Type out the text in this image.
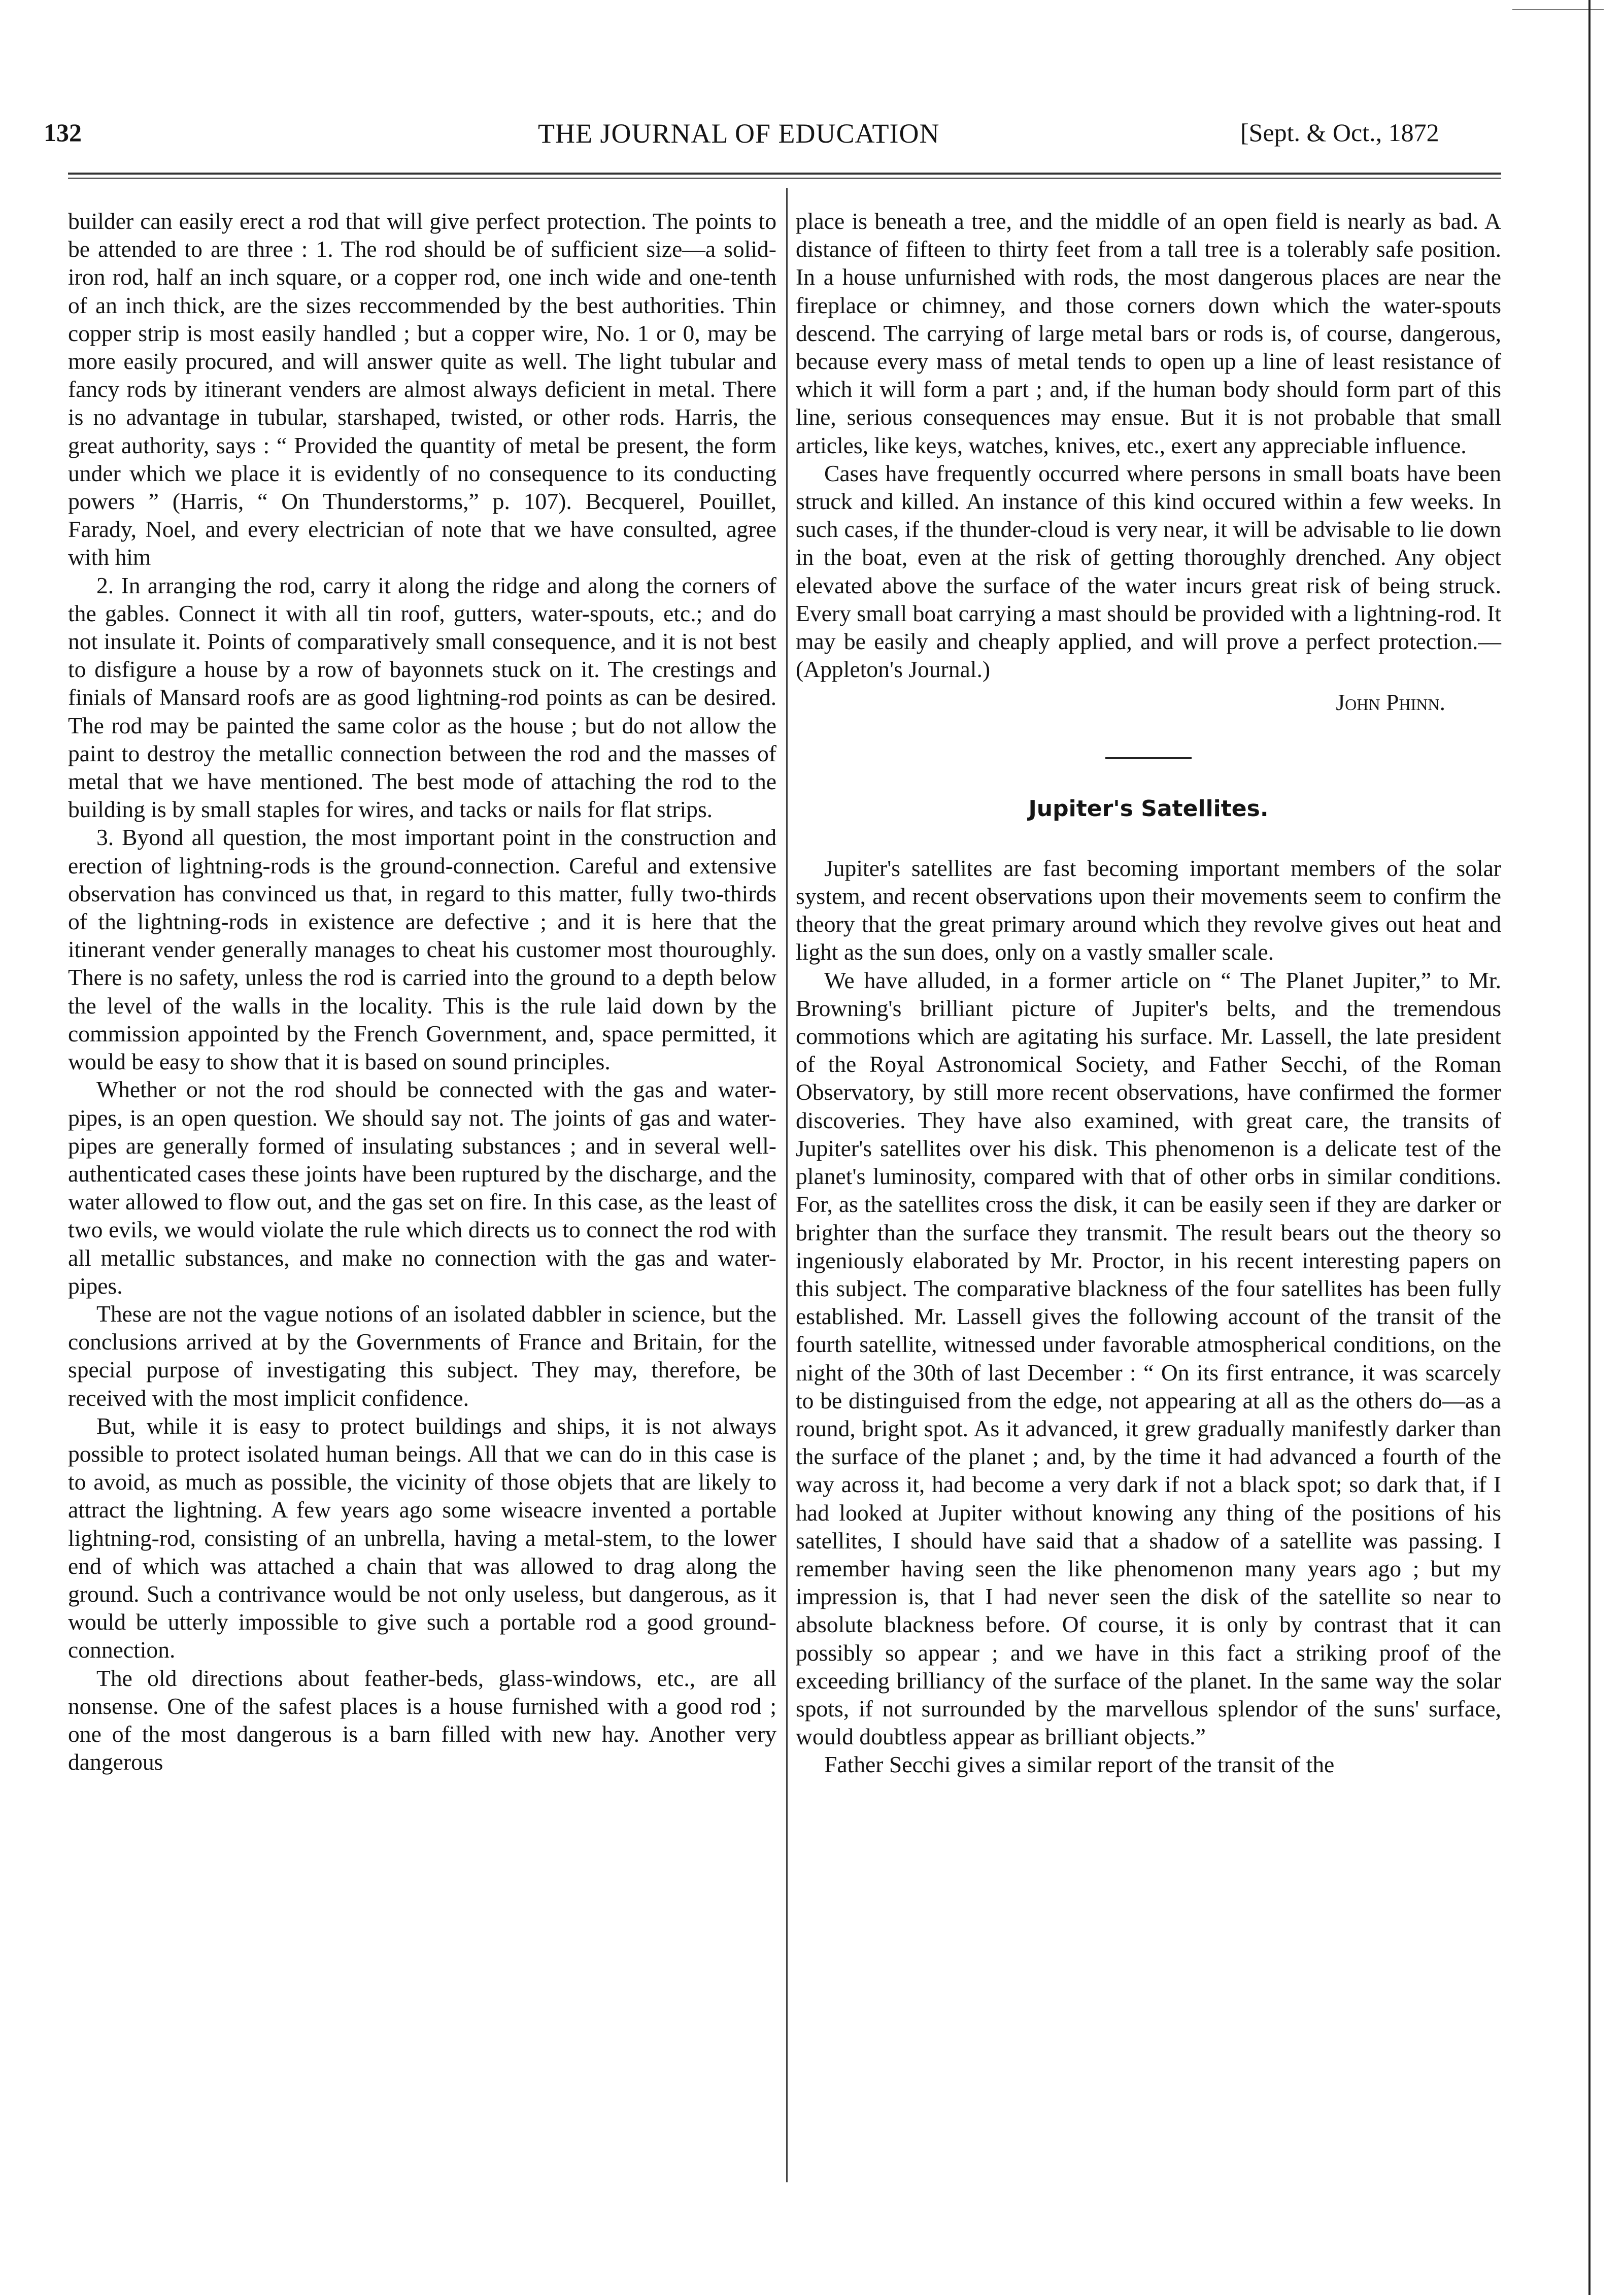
132	THE JOURNAL OF EDUCATION	[Sept. & Oct., 1872

builder can easily erect a rod that will give perfect protection. The points to be attended to are three : 1. The rod should be of sufficient size—a solid-iron rod, half an inch square, or a copper rod, one inch wide and one-tenth of an inch thick, are the sizes reccommended by the best authorities. Thin copper strip is most easily handled ; but a copper wire, No. 1 or 0, may be more easily procured, and will answer quite as well. The light tubular and fancy rods by itinerant venders are almost always deficient in metal. There is no advantage in tubular, starshaped, twisted, or other rods. Harris, the great authority, says : “ Provided the quantity of metal be present, the form under which we place it is evidently of no consequence to its conducting powers ” (Harris, “ On Thunderstorms,” p. 107). Becquerel, Pouillet, Farady, Noel, and every electrician of note that we have consulted, agree with him

2. In arranging the rod, carry it along the ridge and along the corners of the gables. Connect it with all tin roof, gutters, water-spouts, etc.; and do not insulate it. Points of comparatively small consequence, and it is not best to disfigure a house by a row of bayonnets stuck on it. The crestings and finials of Mansard roofs are as good lightning-rod points as can be desired. The rod may be painted the same color as the house ; but do not allow the paint to destroy the metallic connection between the rod and the masses of metal that we have mentioned. The best mode of attaching the rod to the building is by small staples for wires, and tacks or nails for flat strips.

3. Byond all question, the most important point in the construction and erection of lightning-rods is the ground-connection. Careful and extensive observation has convinced us that, in regard to this matter, fully two-thirds of the lightning-rods in existence are defective ; and it is here that the itinerant vender generally manages to cheat his customer most thouroughly. There is no safety, unless the rod is carried into the ground to a depth below the level of the walls in the locality. This is the rule laid down by the commission appointed by the French Government, and, space permitted, it would be easy to show that it is based on sound principles.

Whether or not the rod should be connected with the gas and water-pipes, is an open question. We should say not. The joints of gas and water-pipes are generally formed of insulating substances ; and in several well-authenticated cases these joints have been ruptured by the discharge, and the water allowed to flow out, and the gas set on fire. In this case, as the least of two evils, we would violate the rule which directs us to connect the rod with all metallic substances, and make no connection with the gas and water-pipes.

These are not the vague notions of an isolated dabbler in science, but the conclusions arrived at by the Governments of France and Britain, for the special purpose of investigating this subject. They may, therefore, be received with the most implicit confidence.

But, while it is easy to protect buildings and ships, it is not always possible to protect isolated human beings. All that we can do in this case is to avoid, as much as possible, the vicinity of those objets that are likely to attract the lightning. A few years ago some wiseacre invented a portable lightning-rod, consisting of an unbrella, having a metal-stem, to the lower end of which was attached a chain that was allowed to drag along the ground. Such a contrivance would be not only useless, but dangerous, as it would be utterly impossible to give such a portable rod a good ground-connection.

The old directions about feather-beds, glass-windows, etc., are all nonsense. One of the safest places is a house furnished with a good rod ; one of the most dangerous is a barn filled with new hay. Another very dangerous

place is beneath a tree, and the middle of an open field is nearly as bad. A distance of fifteen to thirty feet from a tall tree is a tolerably safe position. In a house unfurnished with rods, the most dangerous places are near the fireplace or chimney, and those corners down which the water-spouts descend. The carrying of large metal bars or rods is, of course, dangerous, because every mass of metal tends to open up a line of least resistance of which it will form a part ; and, if the human body should form part of this line, serious consequences may ensue. But it is not probable that small articles, like keys, watches, knives, etc., exert any appreciable influence.

Cases have frequently occurred where persons in small boats have been struck and killed. An instance of this kind occured within a few weeks. In such cases, if the thunder-cloud is very near, it will be advisable to lie down in the boat, even at the risk of getting thoroughly drenched. Any object elevated above the surface of the water incurs great risk of being struck. Every small boat carrying a mast should be provided with a lightning-rod. It may be easily and cheaply applied, and will prove a perfect protection.—(Appleton's Journal.)

John Phinn.
Jupiter's Satellites.

Jupiter's satellites are fast becoming important members of the solar system, and recent observations upon their movements seem to confirm the theory that the great primary around which they revolve gives out heat and light as the sun does, only on a vastly smaller scale.

We have alluded, in a former article on “ The Planet Jupiter,” to Mr. Browning's brilliant picture of Jupiter's belts, and the tremendous commotions which are agitating his surface. Mr. Lassell, the late president of the Royal Astronomical Society, and Father Secchi, of the Roman Observatory, by still more recent observations, have confirmed the former discoveries. They have also examined, with great care, the transits of Jupiter's satellites over his disk. This phenomenon is a delicate test of the planet's luminosity, compared with that of other orbs in similar conditions. For, as the satellites cross the disk, it can be easily seen if they are darker or brighter than the surface they transmit. The result bears out the theory so ingeniously elaborated by Mr. Proctor, in his recent interesting papers on this subject. The comparative blackness of the four satellites has been fully established. Mr. Lassell gives the following account of the transit of the fourth satellite, witnessed under favorable atmospherical conditions, on the night of the 30th of last December : “ On its first entrance, it was scarcely to be distinguised from the edge, not appearing at all as the others do—as a round, bright spot. As it advanced, it grew gradually manifestly darker than the surface of the planet ; and, by the time it had advanced a fourth of the way across it, had become a very dark if not a black spot; so dark that, if I had looked at Jupiter without knowing any thing of the positions of his satellites, I should have said that a shadow of a satellite was passing. I remember having seen the like phenomenon many years ago ; but my impression is, that I had never seen the disk of the satellite so near to absolute blackness before. Of course, it is only by contrast that it can possibly so appear ; and we have in this fact a striking proof of the exceeding brilliancy of the surface of the planet. In the same way the solar spots, if not surrounded by the marvellous splendor of the suns' surface, would doubtless appear as brilliant objects.”

Father Secchi gives a similar report of the transit of the
